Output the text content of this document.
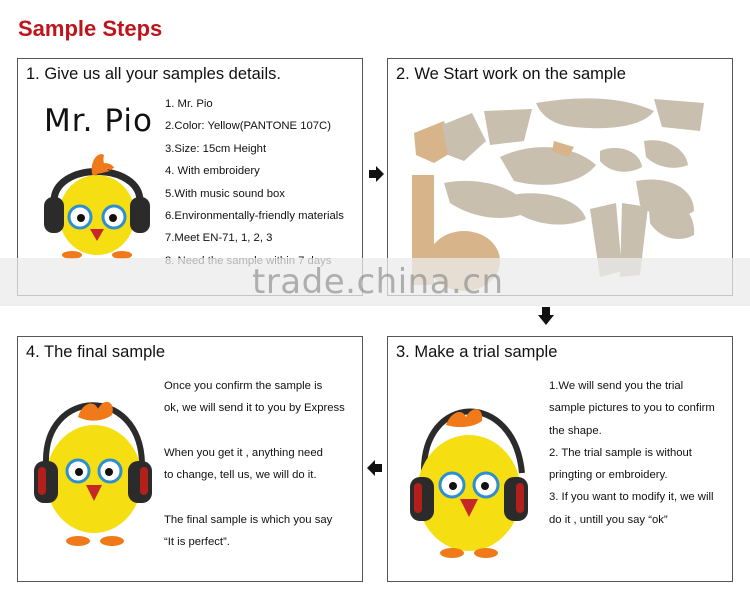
Sample Steps
1. Give us all your samples details.
Mr. Pio 1. Mr. Pio
2.Color: Yellow(PANTONE 107C)
3.Size: 15cm Height
4. With embroidery
5.With music sound box
6.Environmentally-friendly materials
7.Meet EN-71, 1, 2, 3
2. We Start work on the sample
3. Make a trial sample
1.We will send you the trial
sample pictures to you to confirm
the shape.
2. The trial sample is without
pringting or embroidery.
3. If you want to modify it, we will
do it , untill you say “ok”
4. The final sample
Once you confirm the sample is
ok, we will send it to you by Express
When you get it , anything need
to change, tell us, we will do it.
The final sample is which you say
“It is perfect”.
trade.china.cn
